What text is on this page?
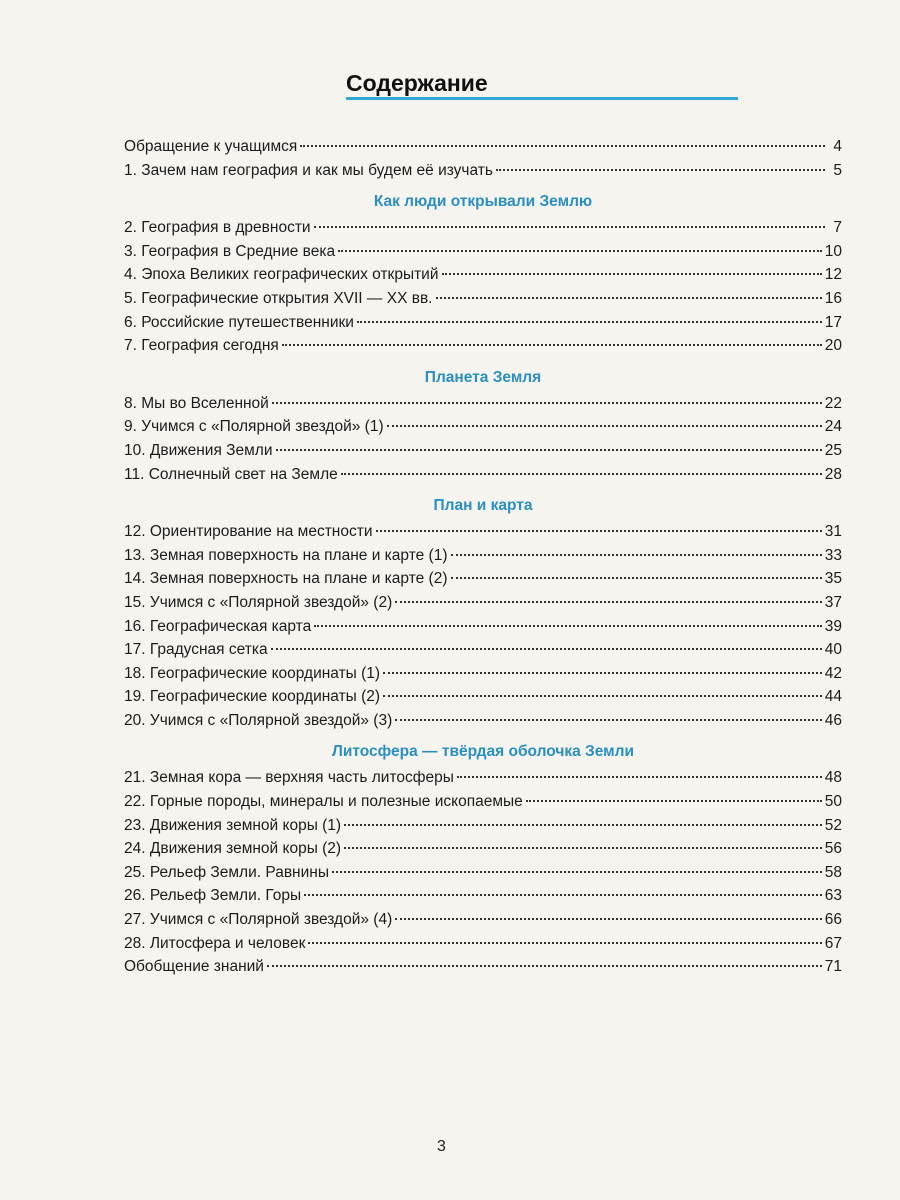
Содержание
Обращение к учащимся	4
1. Зачем нам география и как мы будем её изучать	5
Как люди открывали Землю
2. География в древности	7
3. География в Средние века	10
4. Эпоха Великих географических открытий	12
5. Географические открытия XVII — XX вв.	16
6. Российские путешественники	17
7. География сегодня	20
Планета Земля
8. Мы во Вселенной	22
9. Учимся с «Полярной звездой» (1)	24
10. Движения Земли	25
11. Солнечный свет на Земле	28
План и карта
12. Ориентирование на местности	31
13. Земная поверхность на плане и карте (1)	33
14. Земная поверхность на плане и карте (2)	35
15. Учимся с «Полярной звездой» (2)	37
16. Географическая карта	39
17. Градусная сетка	40
18. Географические координаты (1)	42
19. Географические координаты (2)	44
20. Учимся с «Полярной звездой» (3)	46
Литосфера — твёрдая оболочка Земли
21. Земная кора — верхняя часть литосферы	48
22. Горные породы, минералы и полезные ископаемые	50
23. Движения земной коры (1)	52
24. Движения земной коры (2)	56
25. Рельеф Земли. Равнины	58
26. Рельеф Земли. Горы	63
27. Учимся с «Полярной звездой» (4)	66
28. Литосфера и человек	67
Обобщение знаний	71
3
